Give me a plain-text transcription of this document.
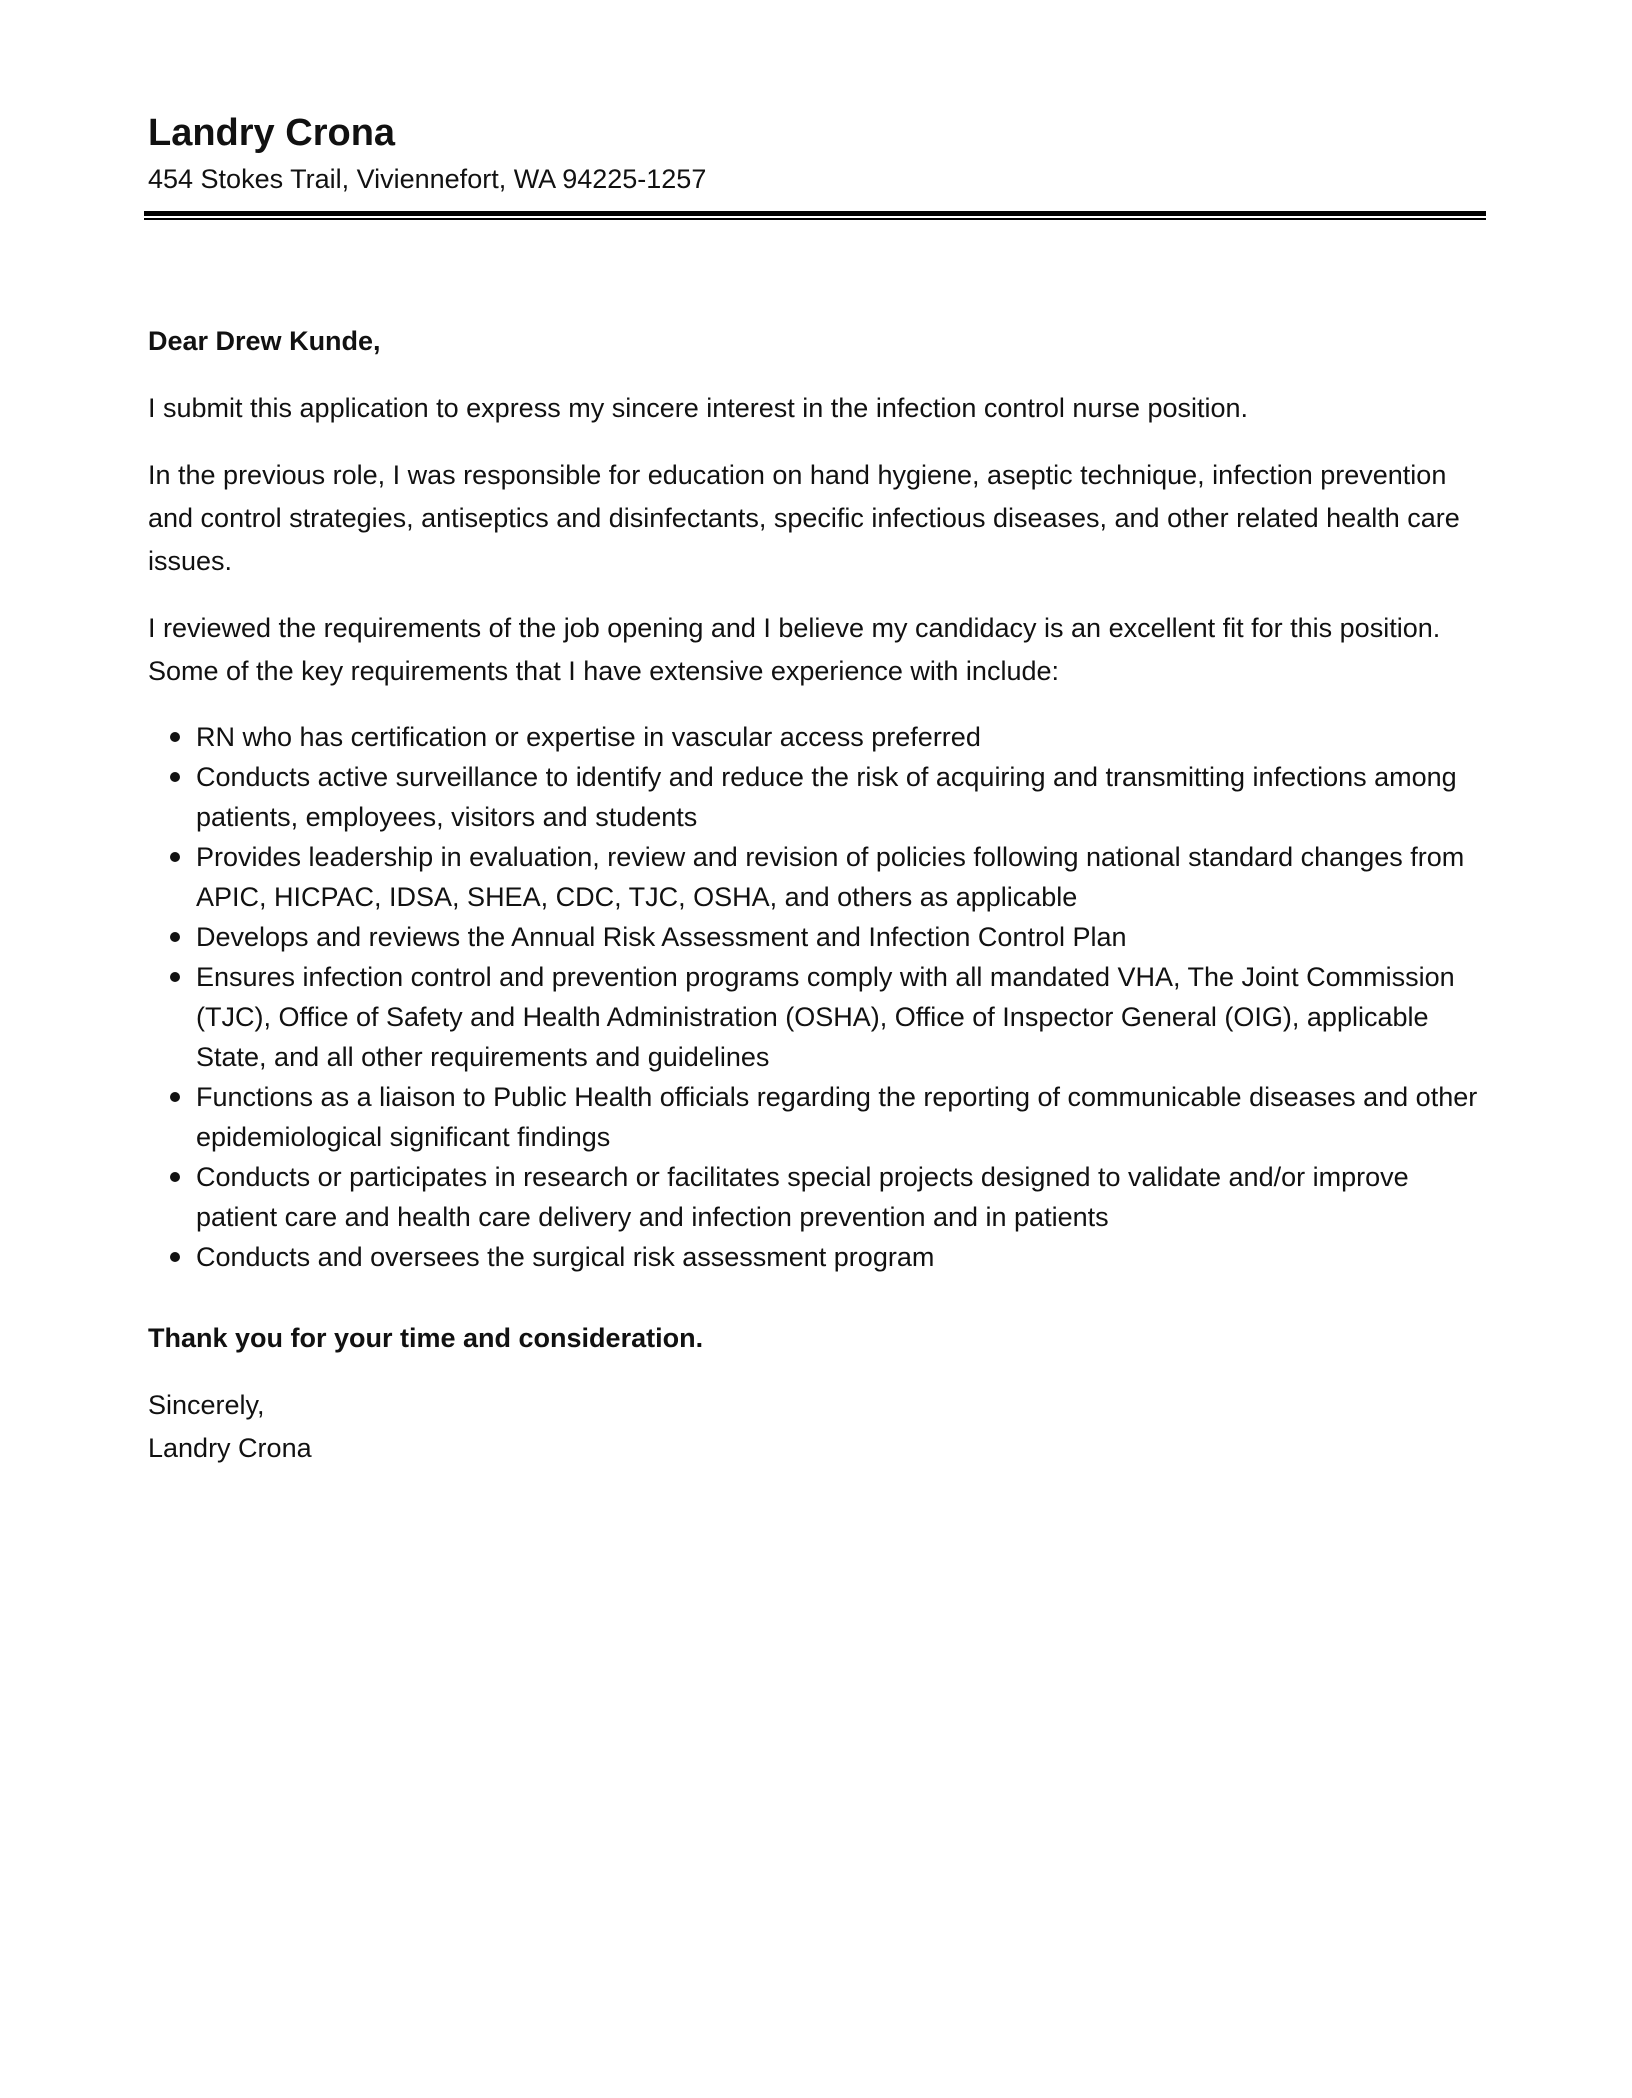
Landry Crona

454 Stokes Trail, Viviennefort, WA 94225-1257

Dear Drew Kunde,

I submit this application to express my sincere interest in the infection control nurse position.

In the previous role, I was responsible for education on hand hygiene, aseptic technique, infection prevention and control strategies, antiseptics and disinfectants, specific infectious diseases, and other related health care issues.

I reviewed the requirements of the job opening and I believe my candidacy is an excellent fit for this position. Some of the key requirements that I have extensive experience with include:

RN who has certification or expertise in vascular access preferred
Conducts active surveillance to identify and reduce the risk of acquiring and transmitting infections among patients, employees, visitors and students
Provides leadership in evaluation, review and revision of policies following national standard changes from APIC, HICPAC, IDSA, SHEA, CDC, TJC, OSHA, and others as applicable
Develops and reviews the Annual Risk Assessment and Infection Control Plan
Ensures infection control and prevention programs comply with all mandated VHA, The Joint Commission (TJC), Office of Safety and Health Administration (OSHA), Office of Inspector General (OIG), applicable State, and all other requirements and guidelines
Functions as a liaison to Public Health officials regarding the reporting of communicable diseases and other epidemiological significant findings
Conducts or participates in research or facilitates special projects designed to validate and/or improve patient care and health care delivery and infection prevention and in patients
Conducts and oversees the surgical risk assessment program

Thank you for your time and consideration.

Sincerely,

Landry Crona
